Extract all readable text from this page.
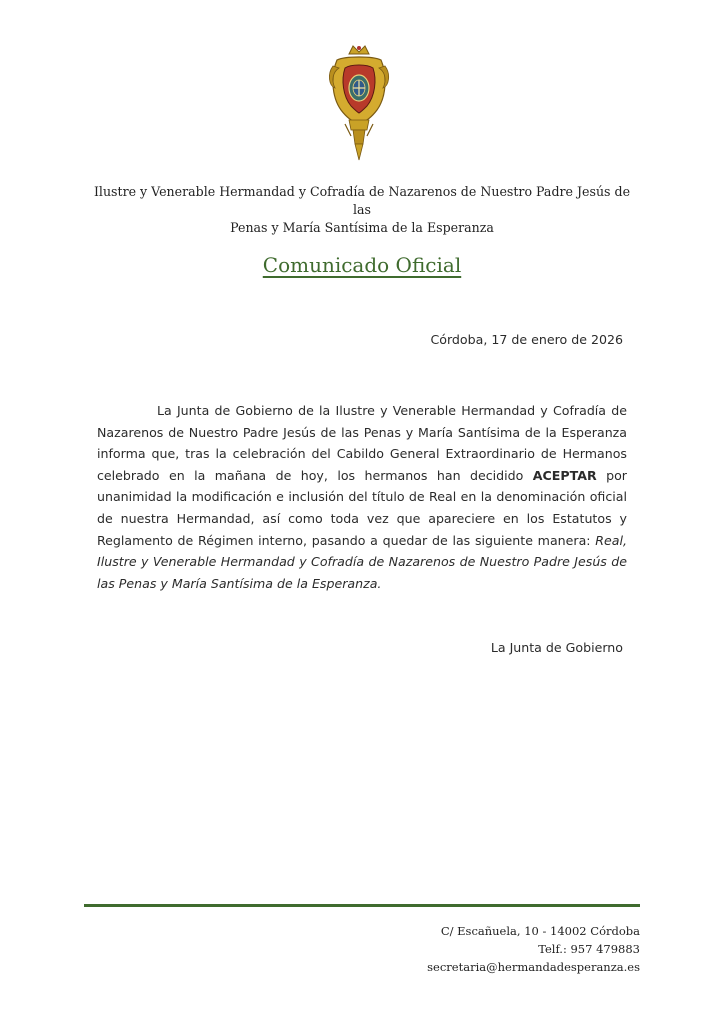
Ilustre y Venerable Hermandad y Cofradía de Nazarenos de Nuestro Padre Jesús de las
Penas y María Santísima de la Esperanza
Comunicado Oficial
Córdoba, 17 de enero de 2026
La Junta de Gobierno de la Ilustre y Venerable Hermandad y Cofradía de Nazarenos de Nuestro Padre Jesús de las Penas y María Santísima de la Esperanza informa que, tras la celebración del Cabildo General Extraordinario de Hermanos celebrado en la mañana de hoy, los hermanos han decidido ACEPTAR por unanimidad la modificación e inclusión del título de Real en la denominación oficial de nuestra Hermandad, así como toda vez que apareciere en los Estatutos y Reglamento de Régimen interno, pasando a quedar de las siguiente manera: Real, Ilustre y Venerable Hermandad y Cofradía de Nazarenos de Nuestro Padre Jesús de las Penas y María Santísima de la Esperanza.
La Junta de Gobierno
C/ Escañuela, 10 - 14002 Córdoba
Telf.: 957 479883
secretaria@hermandadesperanza.es
